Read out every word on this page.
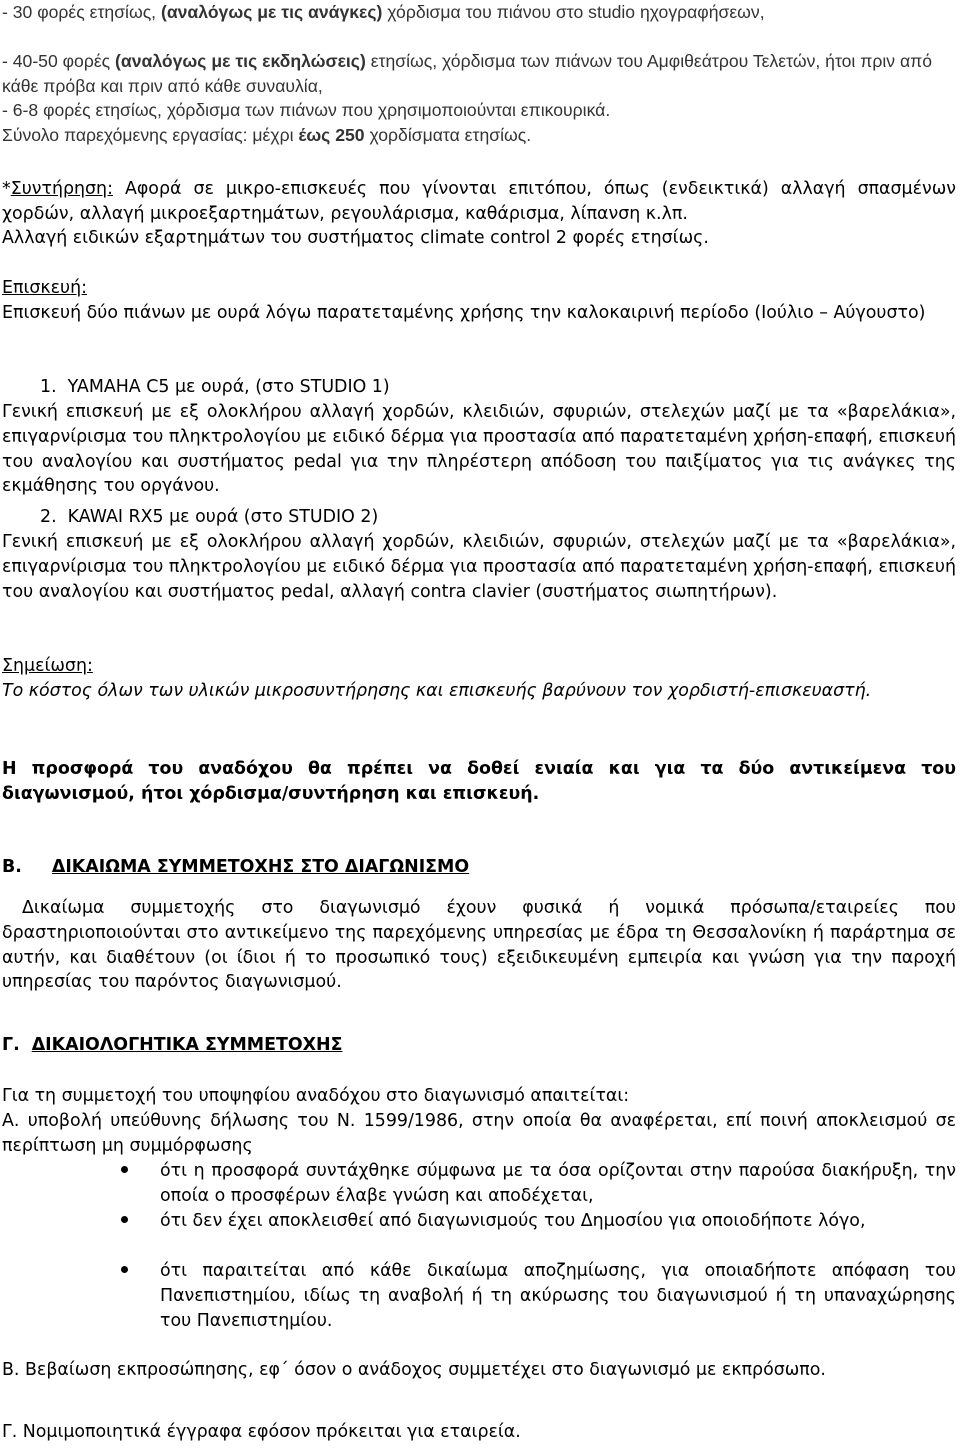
- 30 φορές ετησίως, (αναλόγως με τις ανάγκες) χόρδισμα του πιάνου στο studio ηχογραφήσεων,

- 40-50 φορές (αναλόγως με τις εκδηλώσεις) ετησίως, χόρδισμα των πιάνων του Αμφιθεάτρου Τελετών, ήτοι πριν από κάθε πρόβα και πριν από κάθε συναυλία,

- 6-8 φορές ετησίως, χόρδισμα των πιάνων που χρησιμοποιούνται επικουρικά.

Σύνολο παρεχόμενης εργασίας: μέχρι έως 250 χορδίσματα ετησίως.

*Συντήρηση: Αφορά σε μικρο-επισκευές που γίνονται επιτόπου, όπως (ενδεικτικά) αλλαγή σπασμένων χορδών, αλλαγή μικροεξαρτημάτων, ρεγουλάρισμα, καθάρισμα, λίπανση κ.λπ.

Αλλαγή ειδικών εξαρτημάτων του συστήματος climate control 2 φορές ετησίως.

Επισκευή:

Επισκευή δύο πιάνων με ουρά λόγω παρατεταμένης χρήσης την καλοκαιρινή περίοδο (Ιούλιο – Αύγουστο)

1. YAMAHA C5 με ουρά, (στο STUDIO 1)

Γενική επισκευή με εξ ολοκλήρου αλλαγή χορδών, κλειδιών, σφυριών, στελεχών μαζί με τα «βαρελάκια», επιγαρνίρισμα του πληκτρολογίου με ειδικό δέρμα για προστασία από παρατεταμένη χρήση-επαφή, επισκευή του αναλογίου και συστήματος pedal για την πληρέστερη απόδοση του παιξίματος για τις ανάγκες της εκμάθησης του οργάνου.

2. KAWAI RX5 με ουρά (στο STUDIO 2)

Γενική επισκευή με εξ ολοκλήρου αλλαγή χορδών, κλειδιών, σφυριών, στελεχών μαζί με τα «βαρελάκια», επιγαρνίρισμα του πληκτρολογίου με ειδικό δέρμα για προστασία από παρατεταμένη χρήση-επαφή, επισκευή του αναλογίου και συστήματος pedal, αλλαγή contra clavier (συστήματος σιωπητήρων).

Σημείωση:

Το κόστος όλων των υλικών μικροσυντήρησης και επισκευής βαρύνουν τον χορδιστή-επισκευαστή.

Η προσφορά του αναδόχου θα πρέπει να δοθεί ενιαία και για τα δύο αντικείμενα του διαγωνισμού, ήτοι χόρδισμα/συντήρηση και επισκευή.

Β. ΔΙΚΑΙΩΜΑ ΣΥΜΜΕΤΟΧΗΣ ΣΤΟ ΔΙΑΓΩΝΙΣΜΟ

Δικαίωμα συμμετοχής στο διαγωνισμό έχουν φυσικά ή νομικά πρόσωπα/εταιρείες που δραστηριοποιούνται στο αντικείμενο της παρεχόμενης υπηρεσίας με έδρα τη Θεσσαλονίκη ή παράρτημα σε αυτήν, και διαθέτουν (οι ίδιοι ή το προσωπικό τους) εξειδικευμένη εμπειρία και γνώση για την παροχή υπηρεσίας του παρόντος διαγωνισμού.

Γ. ΔΙΚΑΙΟΛΟΓΗΤΙΚΑ ΣΥΜΜΕΤΟΧΗΣ

Για τη συμμετοχή του υποψηφίου αναδόχου στο διαγωνισμό απαιτείται:

Α. υποβολή υπεύθυνης δήλωσης του Ν. 1599/1986, στην οποία θα αναφέρεται, επί ποινή αποκλεισμού σε περίπτωση μη συμμόρφωσης

ότι η προσφορά συντάχθηκε σύμφωνα με τα όσα ορίζονται στην παρούσα διακήρυξη, την οποία ο προσφέρων έλαβε γνώση και αποδέχεται,

ότι δεν έχει αποκλεισθεί από διαγωνισμούς του Δημοσίου για οποιοδήποτε λόγο,

ότι παραιτείται από κάθε δικαίωμα αποζημίωσης, για οποιαδήποτε απόφαση του Πανεπιστημίου, ιδίως τη αναβολή ή τη ακύρωσης του διαγωνισμού ή τη υπαναχώρησης του Πανεπιστημίου.

Β. Βεβαίωση εκπροσώπησης, εφ΄ όσον ο ανάδοχος συμμετέχει στο διαγωνισμό με εκπρόσωπο.

Γ. Νομιμοποιητικά έγγραφα εφόσον πρόκειται για εταιρεία.
